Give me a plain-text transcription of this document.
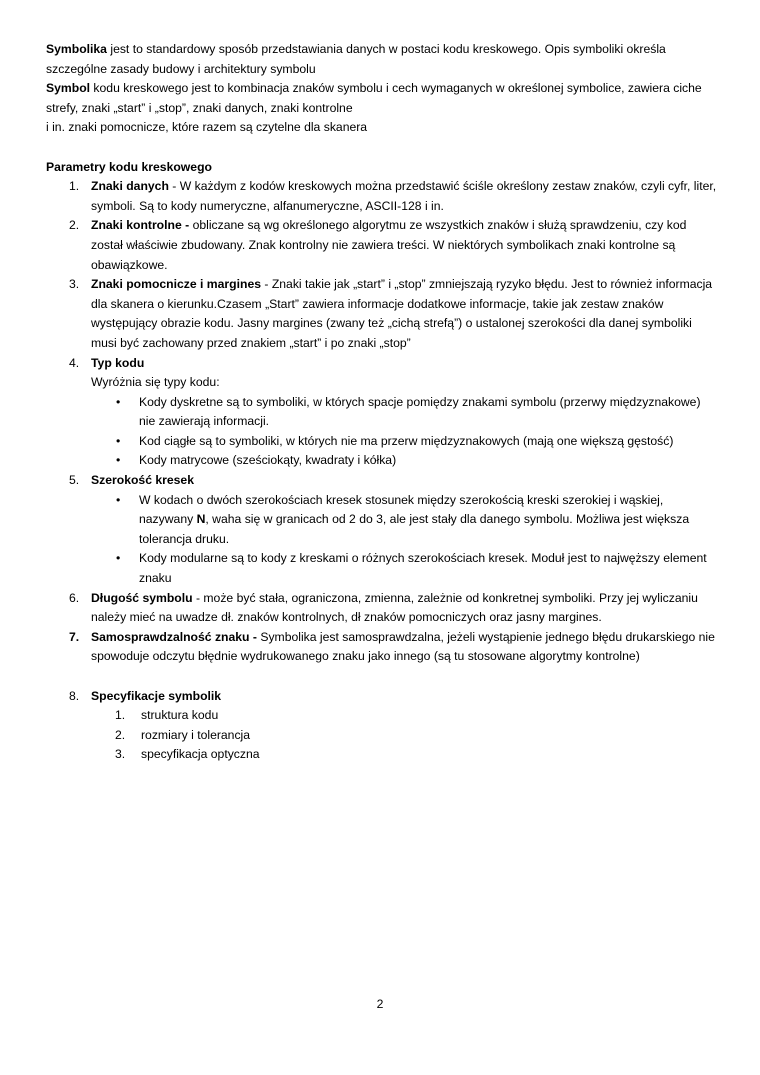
Symbolika jest to standardowy sposób przedstawiania danych w postaci kodu kreskowego. Opis symboliki określa szczególne zasady budowy i architektury symbolu

Symbol kodu kreskowego jest to kombinacja znaków symbolu i cech wymaganych w określonej symbolice, zawiera ciche strefy, znaki „start” i „stop”, znaki danych, znaki kontrolne

i in. znaki pomocnicze, które razem są czytelne dla skanera

Parametry kodu kreskowego

1. Znaki danych - W każdym z kodów kreskowych można przedstawić ściśle określony zestaw znaków, czyli cyfr, liter, symboli. Są to kody numeryczne, alfanumeryczne, ASCII-128 i in.
2. Znaki kontrolne - obliczane są wg określonego algorytmu ze wszystkich znaków i służą sprawdzeniu, czy kod został właściwie zbudowany. Znak kontrolny nie zawiera treści. W niektórych symbolikach znaki kontrolne są obawiązkowe.
3. Znaki pomocnicze i margines - Znaki takie jak „start” i „stop” zmniejszają ryzyko błędu. Jest to również informacja dla skanera o kierunku.Czasem „Start” zawiera informacje dodatkowe informacje, takie jak zestaw znaków występujący obrazie kodu. Jasny margines (zwany też „cichą strefą”) o ustalonej szerokości dla danej symboliki musi być zachowany przed znakiem „start” i po znaki „stop”
4. Typ kodu

Wyróżnia się typy kodu:

• Kody dyskretne są to symboliki, w których spacje pomiędzy znakami symbolu (przerwy międzyznakowe) nie zawierają informacji.
• Kod ciągłe są to symboliki, w których nie ma przerw międzyznakowych (mają one większą gęstość)
• Kody matrycowe (sześciokąty, kwadraty i kółka)
5. Szerokość kresek
• W kodach o dwóch szerokościach kresek stosunek między szerokością kreski szerokiej i wąskiej, nazywany N, waha się w granicach od 2 do 3, ale jest stały dla danego symbolu. Możliwa jest większa tolerancja druku.
• Kody modularne są to kody z kreskami o różnych szerokościach kresek. Moduł jest to najwęższy element znaku
6. Długość symbolu - może być stała, ograniczona, zmienna, zależnie od konkretnej symboliki. Przy jej wyliczaniu należy mieć na uwadze dł. znaków kontrolnych, dł znaków pomocniczych oraz jasny margines.
7. Samosprawdzalność znaku - Symbolika jest samosprawdzalna, jeżeli wystąpienie jednego błędu drukarskiego nie spowoduje odczytu błędnie wydrukowanego znaku jako innego (są tu stosowane algorytmy kontrolne)
8. Specyfikacje symbolik
1. struktura kodu
2. rozmiary i tolerancja
3. specyfikacja optyczna
2
